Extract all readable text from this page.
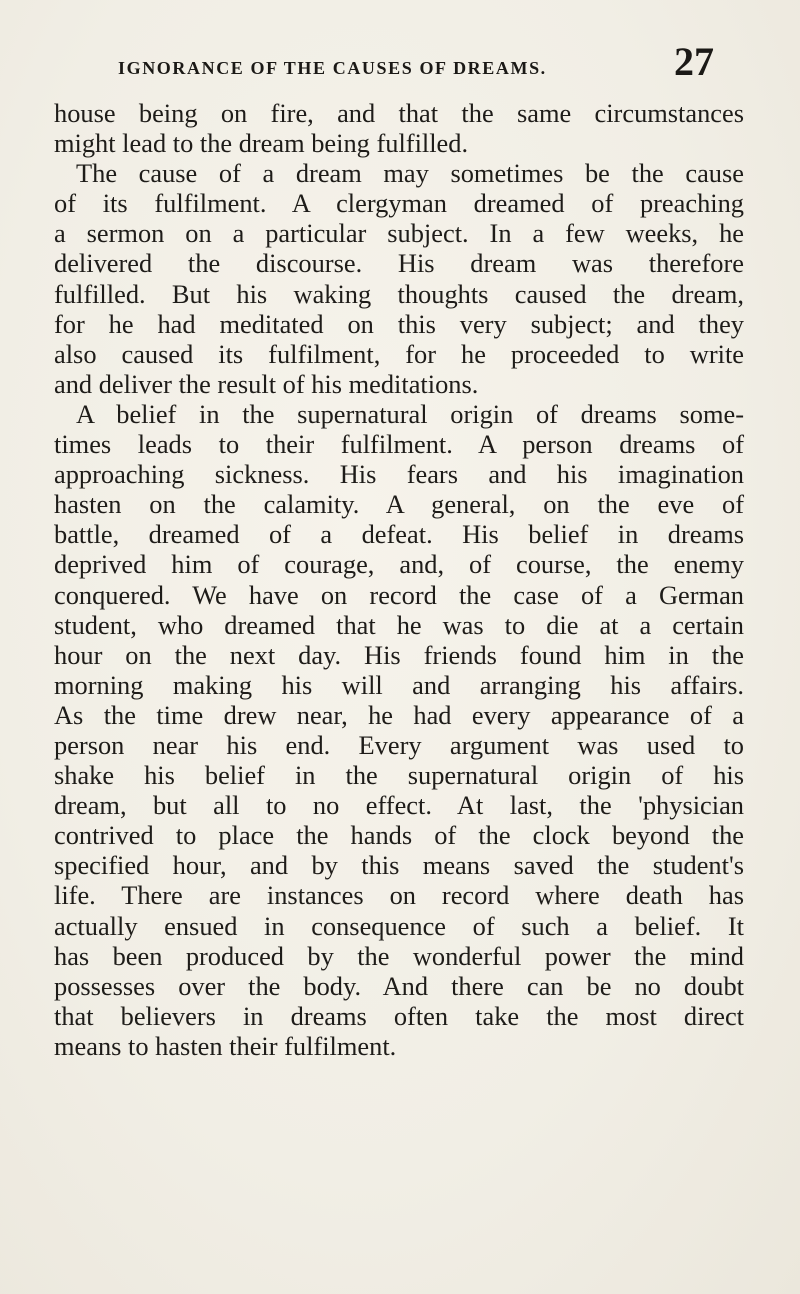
IGNORANCE OF THE CAUSES OF DREAMS.	27
house being on fire, and that the same circumstances
might lead to the dream being fulfilled.
The cause of a dream may sometimes be the cause
of its fulfilment. A clergyman dreamed of preaching
a sermon on a particular subject. In a few weeks, he
delivered the discourse. His dream was therefore
fulfilled. But his waking thoughts caused the dream,
for he had meditated on this very subject; and they
also caused its fulfilment, for he proceeded to write
and deliver the result of his meditations.
A belief in the supernatural origin of dreams some-
times leads to their fulfilment. A person dreams of
approaching sickness. His fears and his imagination
hasten on the calamity. A general, on the eve of
battle, dreamed of a defeat. His belief in dreams
deprived him of courage, and, of course, the enemy
conquered. We have on record the case of a German
student, who dreamed that he was to die at a certain
hour on the next day. His friends found him in the
morning making his will and arranging his affairs.
As the time drew near, he had every appearance of a
person near his end. Every argument was used to
shake his belief in the supernatural origin of his
dream, but all to no effect. At last, the 'physician
contrived to place the hands of the clock beyond the
specified hour, and by this means saved the student's
life. There are instances on record where death has
actually ensued in consequence of such a belief. It
has been produced by the wonderful power the mind
possesses over the body. And there can be no doubt
that believers in dreams often take the most direct
means to hasten their fulfilment.
